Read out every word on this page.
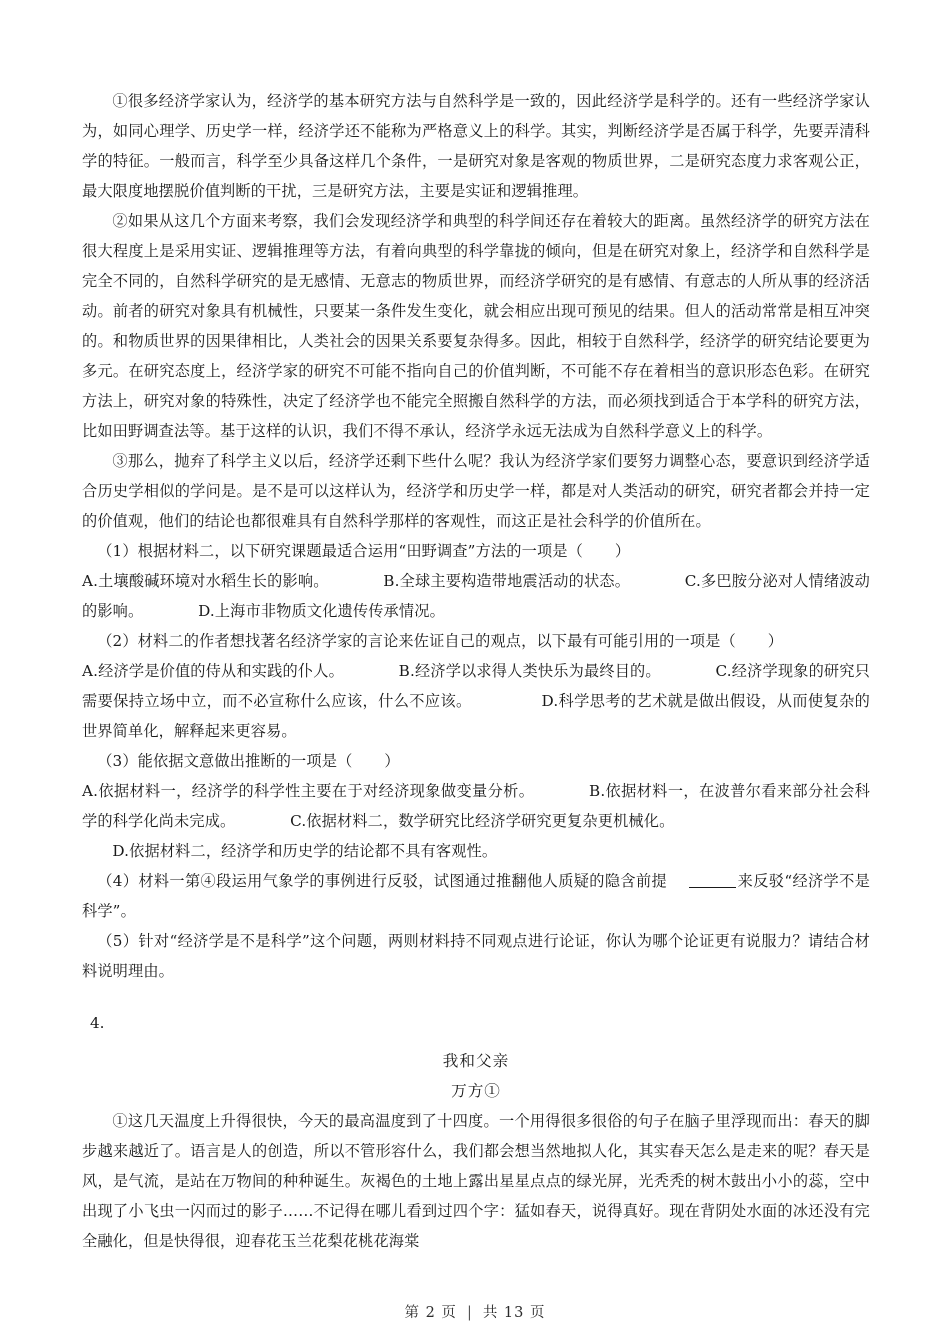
①很多经济学家认为，经济学的基本研究方法与自然科学是一致的，因此经济学是科学的。还有一些经济学家认为，如同心理学、历史学一样，经济学还不能称为严格意义上的科学。其实，判断经济学是否属于科学，先要弄清科学的特征。一般而言，科学至少具备这样几个条件，一是研究对象是客观的物质世界，二是研究态度力求客观公正，最大限度地摆脱价值判断的干扰，三是研究方法，主要是实证和逻辑推理。

②如果从这几个方面来考察，我们会发现经济学和典型的科学间还存在着较大的距离。虽然经济学的研究方法在很大程度上是采用实证、逻辑推理等方法，有着向典型的科学靠拢的倾向，但是在研究对象上，经济学和自然科学是完全不同的，自然科学研究的是无感情、无意志的物质世界，而经济学研究的是有感情、有意志的人所从事的经济活动。前者的研究对象具有机械性，只要某一条件发生变化，就会相应出现可预见的结果。但人的活动常常是相互冲突的。和物质世界的因果律相比，人类社会的因果关系要复杂得多。因此，相较于自然科学，经济学的研究结论要更为多元。在研究态度上，经济学家的研究不可能不指向自己的价值判断，不可能不存在着相当的意识形态色彩。在研究方法上，研究对象的特殊性，决定了经济学也不能完全照搬自然科学的方法，而必须找到适合于本学科的研究方法，比如田野调查法等。基于这样的认识，我们不得不承认，经济学永远无法成为自然科学意义上的科学。

③那么，抛弃了科学主义以后，经济学还剩下些什么呢？我认为经济学家们要努力调整心态，要意识到经济学适合历史学相似的学问是。是不是可以这样认为，经济学和历史学一样，都是对人类活动的研究，研究者都会并持一定的价值观，他们的结论也都很难具有自然科学那样的客观性，而这正是社会科学的价值所在。

（1）根据材料二，以下研究课题最适合运用“田野调查”方法的一项是（ ）
A.土壤酸碱环境对水稻生长的影响。	B.全球主要构造带地震活动的状态。	C.多巴胺分泌对人情绪波动的影响。	D.上海市非物质文化遗传传承情况。
（2）材料二的作者想找著名经济学家的言论来佐证自己的观点，以下最有可能引用的一项是（ ）
A.经济学是价值的侍从和实践的仆人。	B.经济学以求得人类快乐为最终目的。	C.经济学现象的研究只需要保持立场中立，而不必宣称什么应该，什么不应该。	D.科学思考的艺术就是做出假设，从而使复杂的世界简单化，解释起来更容易。
（3）能依据文意做出推断的一项是（ ）
A.依据材料一，经济学的科学性主要在于对经济现象做变量分析。	B.依据材料一，在波普尔看来部分社会科学的科学化尚未完成。	C.依据材料二，数学研究比经济学研究更复杂更机械化。
D.依据材料二，经济学和历史学的结论都不具有客观性。
（4）材料一第④段运用气象学的事例进行反驳，试图通过推翻他人质疑的隐含前提	来反驳“经济学不是科学”。
（5）针对“经济学是不是科学”这个问题，两则材料持不同观点进行论证，你认为哪个论证更有说服力？请结合材料说明理由。
4.
我和父亲
万方①

①这几天温度上升得很快，今天的最高温度到了十四度。一个用得很多很俗的句子在脑子里浮现而出：春天的脚步越来越近了。语言是人的创造，所以不管形容什么，我们都会想当然地拟人化，其实春天怎么是走来的呢？春天是风，是气流，是站在万物间的种种诞生。灰褐色的土地上露出星星点点的绿光屏，光秃秃的树木鼓出小小的蕊，空中出现了小飞虫一闪而过的影子……不记得在哪儿看到过四个字：猛如春天，说得真好。现在背阴处水面的冰还没有完全融化，但是快得很，迎春花玉兰花梨花桃花海棠

第 2 页 | 共 13 页
